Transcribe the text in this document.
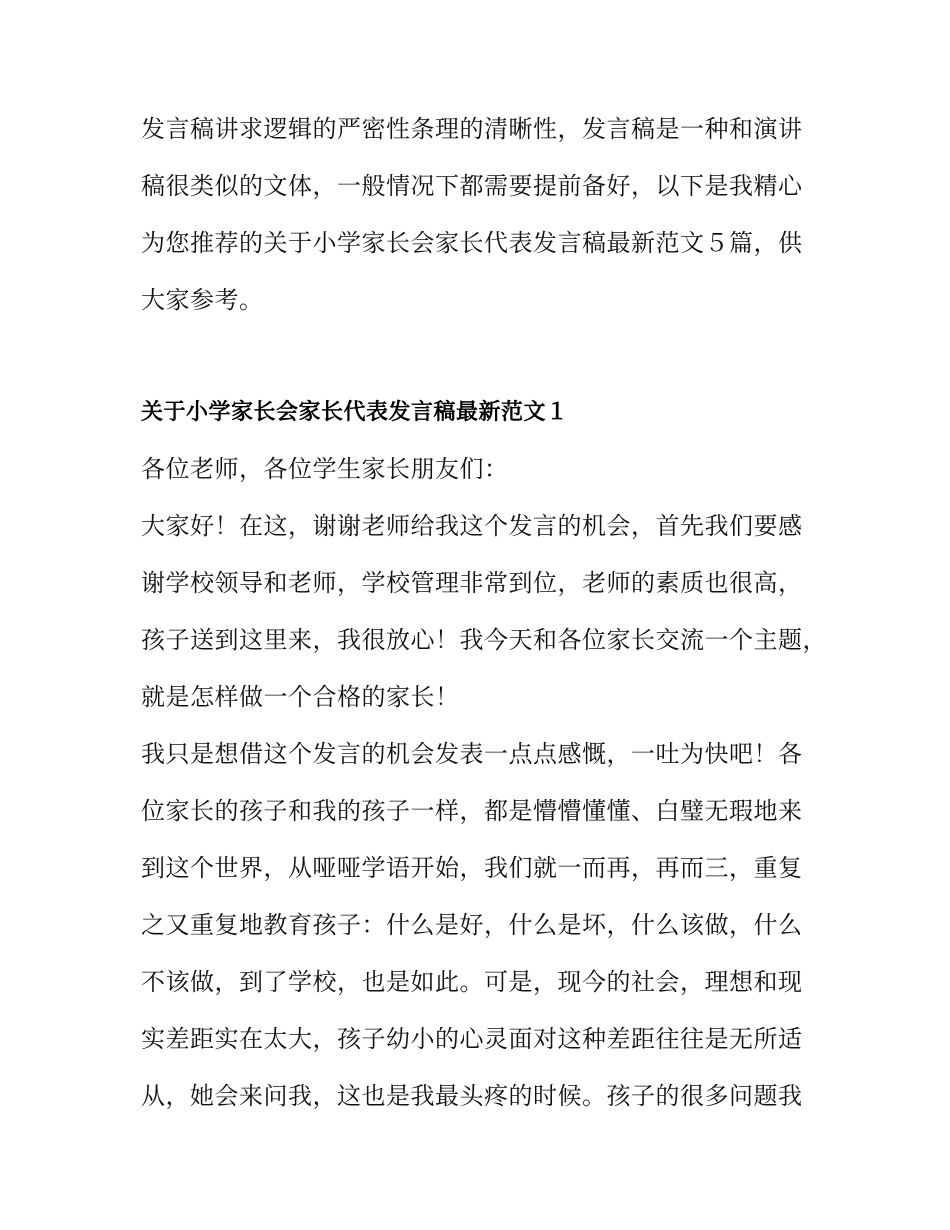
发言稿讲求逻辑的严密性条理的清晰性，发言稿是一种和演讲
稿很类似的文体，一般情况下都需要提前备好，以下是我精心
为您推荐的关于小学家长会家长代表发言稿最新范文５篇，供
大家参考。
关于小学家长会家长代表发言稿最新范文１
各位老师，各位学生家长朋友们：
大家好！在这，谢谢老师给我这个发言的机会，首先我们要感
谢学校领导和老师，学校管理非常到位，老师的素质也很高，
孩子送到这里来，我很放心！我今天和各位家长交流一个主题，
就是怎样做一个合格的家长！
我只是想借这个发言的机会发表一点点感慨，一吐为快吧！各
位家长的孩子和我的孩子一样，都是懵懵懂懂、白璧无瑕地来
到这个世界，从哑哑学语开始，我们就一而再，再而三，重复
之又重复地教育孩子：什么是好，什么是坏，什么该做，什么
不该做，到了学校，也是如此。可是，现今的社会，理想和现
实差距实在太大，孩子幼小的心灵面对这种差距往往是无所适
从，她会来问我，这也是我最头疼的时候。孩子的很多问题我
